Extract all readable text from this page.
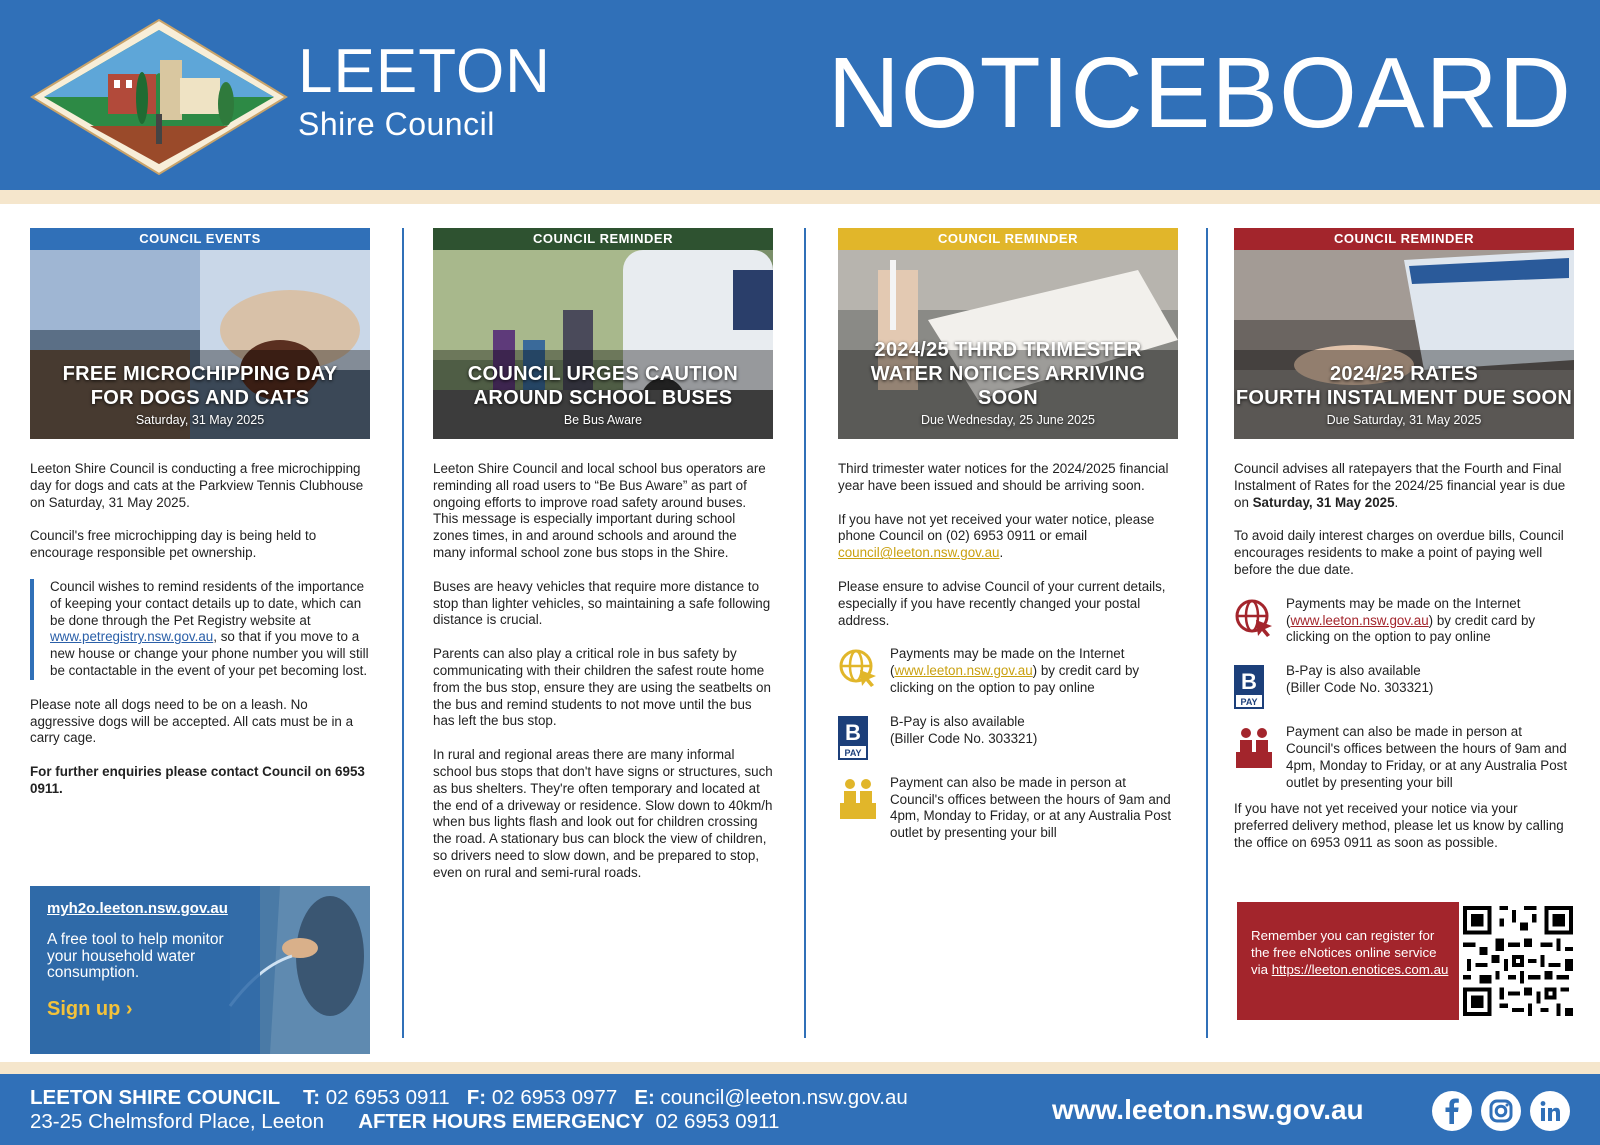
LEETON
Shire Council	NOTICEBOARD
COUNCIL EVENTS
FREE MICROCHIPPING DAY
FOR DOGS AND CATS
Saturday, 31 May 2025

Leeton Shire Council is conducting a free microchipping day for dogs and cats at the Parkview Tennis Clubhouse on Saturday, 31 May 2025.

Council's free microchipping day is being held to encourage responsible pet ownership.

Council wishes to remind residents of the importance of keeping your contact details up to date, which can be done through the Pet Registry website at www.petregistry.nsw.gov.au, so that if you move to a new house or change your phone number you will still be contactable in the event of your pet becoming lost.

Please note all dogs need to be on a leash. No aggressive dogs will be accepted. All cats must be in a carry cage.

For further enquiries please contact Council on 6953 0911.

myh2o.leeton.nsw.gov.au
A free tool to help monitor your household water consumption.
Sign up ›
COUNCIL REMINDER
COUNCIL URGES CAUTION
AROUND SCHOOL BUSES
Be Bus Aware

Leeton Shire Council and local school bus operators are reminding all road users to “Be Bus Aware” as part of ongoing efforts to improve road safety around buses. This message is especially important during school zones times, in and around schools and around the many informal school zone bus stops in the Shire.

Buses are heavy vehicles that require more distance to stop than lighter vehicles, so maintaining a safe following distance is crucial.

Parents can also play a critical role in bus safety by communicating with their children the safest route home from the bus stop, ensure they are using the seatbelts on the bus and remind students to not move until the bus has left the bus stop.

In rural and regional areas there are many informal school bus stops that don't have signs or structures, such as bus shelters. They're often temporary and located at the end of a driveway or residence. Slow down to 40km/h when bus lights flash and look out for children crossing the road. A stationary bus can block the view of children, so drivers need to slow down, and be prepared to stop, even on rural and semi-rural roads.

COUNCIL REMINDER
2024/25 THIRD TRIMESTER
WATER NOTICES ARRIVING SOON
Due Wednesday, 25 June 2025

Third trimester water notices for the 2024/2025 financial year have been issued and should be arriving soon.

If you have not yet received your water notice, please phone Council on (02) 6953 0911 or email council@leeton.nsw.gov.au.

Please ensure to advise Council of your current details, especially if you have recently changed your postal address.

Payments may be made on the Internet (www.leeton.nsw.gov.au) by credit card by clicking on the option to pay online
B
PAY
B-Pay is also available
(Biller Code No. 303321)
Payment can also be made in person at Council's offices between the hours of 9am and 4pm, Monday to Friday, or at any Australia Post outlet by presenting your bill
COUNCIL REMINDER
2024/25 RATES
FOURTH INSTALMENT DUE SOON
Due Saturday, 31 May 2025

Council advises all ratepayers that the Fourth and Final Instalment of Rates for the 2024/25 financial year is due on Saturday, 31 May 2025.

To avoid daily interest charges on overdue bills, Council encourages residents to make a point of paying well before the due date.

Payments may be made on the Internet (www.leeton.nsw.gov.au) by credit card by clicking on the option to pay online
B
PAY
B-Pay is also available
(Biller Code No. 303321)
Payment can also be made in person at Council's offices between the hours of 9am and 4pm, Monday to Friday, or at any Australia Post outlet by presenting your bill

If you have not yet received your notice via your preferred delivery method, please let us know by calling the office on 6953 0911 as soon as possible.

Remember you can register for the free eNotices online service via https://leeton.enotices.com.au
LEETON SHIRE COUNCIL T: 02 6953 0911 F: 02 6953 0977 E: council@leeton.nsw.gov.au
23-25 Chelmsford Place, Leeton AFTER HOURS EMERGENCY 02 6953 0911	www.leeton.nsw.gov.au
